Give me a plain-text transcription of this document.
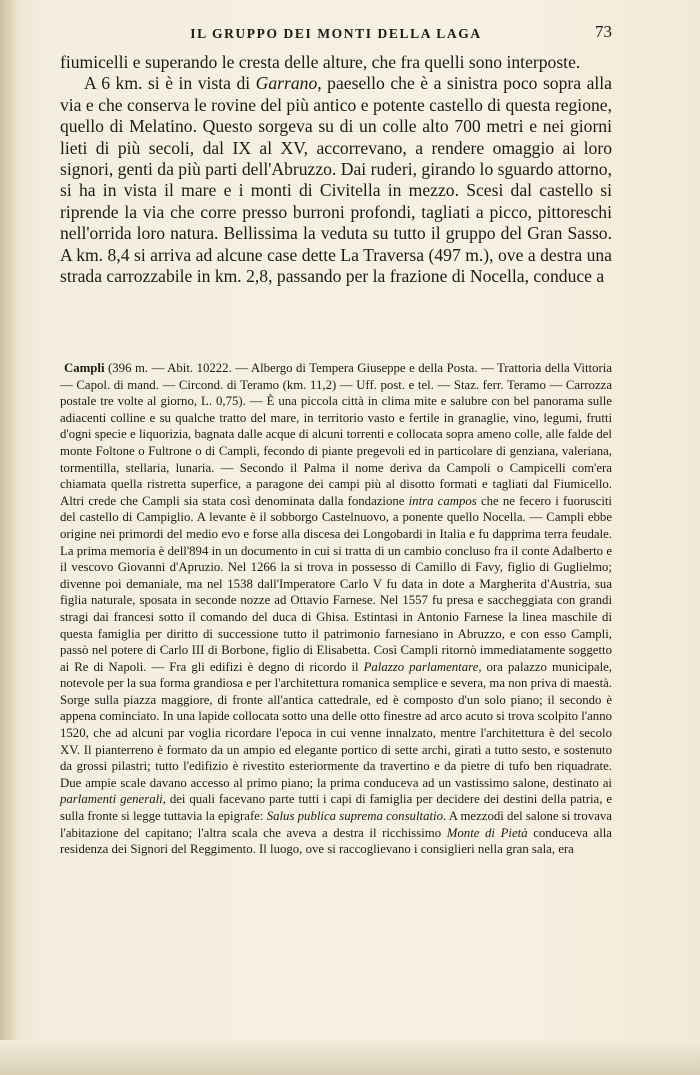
IL GRUPPO DEI MONTI DELLA LAGA	73

fiumicelli e superando le cresta delle alture, che fra quelli sono interposte.

A 6 km. si è in vista di Garrano, paesello che è a sinistra poco sopra alla via e che conserva le rovine del più antico e potente castello di questa regione, quello di Melatino. Questo sorgeva su di un colle alto 700 metri e nei giorni lieti di più secoli, dal IX al XV, accorrevano, a rendere omaggio ai loro signori, genti da più parti dell'Abruzzo. Dai ruderi, girando lo sguardo attorno, si ha in vista il mare e i monti di Civitella in mezzo. Scesi dal castello si riprende la via che corre presso burroni profondi, tagliati a picco, pittoreschi nell'orrida loro natura. Bellissima la veduta su tutto il gruppo del Gran Sasso. A km. 8,4 si arriva ad alcune case dette La Traversa (497 m.), ove a destra una strada carrozzabile in km. 2,8, passando per la frazione di Nocella, conduce a

Campli (396 m. — Abit. 10222. — Albergo di Tempera Giuseppe e della Posta. — Trattoria della Vittoria — Capol. di mand. — Circond. di Teramo (km. 11,2) — Uff. post. e tel. — Staz. ferr. Teramo — Carrozza postale tre volte al giorno, L. 0,75). — È una piccola città in clima mite e salubre con bel panorama sulle adiacenti colline e su qualche tratto del mare, in territorio vasto e fertile in granaglie, vino, legumi, frutti d'ogni specie e liquorizia, bagnata dalle acque di alcuni torrenti e collocata sopra ameno colle, alle falde del monte Foltone o Fultrone o di Campli, fecondo di piante pregevoli ed in particolare di genziana, valeriana, tormentilla, stellaria, lunaria. — Secondo il Palma il nome deriva da Campoli o Campicelli com'era chiamata quella ristretta superfice, a paragone dei campi più al disotto formati e tagliati dal Fiumicello. Altri crede che Campli sia stata così denominata dalla fondazione intra campos che ne fecero i fuorusciti del castello di Campiglio. A levante è il sobborgo Castelnuovo, a ponente quello Nocella. — Campli ebbe origine nei primordi del medio evo e forse alla discesa dei Longobardi in Italia e fu dapprima terra feudale. La prima memoria è dell'894 in un documento in cui si tratta di un cambio concluso fra il conte Adalberto e il vescovo Giovanni d'Apruzio. Nel 1266 la si trova in possesso di Camillo di Favy, figlio di Guglielmo; divenne poi demaniale, ma nel 1538 dall'Imperatore Carlo V fu data in dote a Margherita d'Austria, sua figlia naturale, sposata in seconde nozze ad Ottavio Farnese. Nel 1557 fu presa e saccheggiata con grandi stragi dai francesi sotto il comando del duca di Ghisa. Estintasi in Antonio Farnese la linea maschile di questa famiglia per diritto di successione tutto il patrimonio farnesiano in Abruzzo, e con esso Campli, passò nel potere di Carlo III di Borbone, figlio di Elisabetta. Così Campli ritornò immediatamente soggetto ai Re di Napoli. — Fra gli edifizi è degno di ricordo il Palazzo parlamentare, ora palazzo municipale, notevole per la sua forma grandiosa e per l'architettura romanica semplice e severa, ma non priva di maestà. Sorge sulla piazza maggiore, di fronte all'antica cattedrale, ed è composto d'un solo piano; il secondo è appena cominciato. In una lapide collocata sotto una delle otto finestre ad arco acuto si trova scolpito l'anno 1520, che ad alcuni par voglia ricordare l'epoca in cui venne innalzato, mentre l'architettura è del secolo XV. Il pianterreno è formato da un ampio ed elegante portico di sette archi, girati a tutto sesto, e sostenuto da grossi pilastri; tutto l'edifizio è rivestito esteriormente da travertino e da pietre di tufo ben riquadrate. Due ampie scale davano accesso al primo piano; la prima conduceva ad un vastissimo salone, destinato ai parlamenti generali, dei quali facevano parte tutti i capi di famiglia per decidere dei destini della patria, e sulla fronte si legge tuttavia la epigrafe: Salus publica suprema consultatio. A mezzodì del salone si trovava l'abitazione del capitano; l'altra scala che aveva a destra il ricchissimo Monte di Pietà conduceva alla residenza dei Signori del Reggimento. Il luogo, ove si raccoglievano i consiglieri nella gran sala, era
